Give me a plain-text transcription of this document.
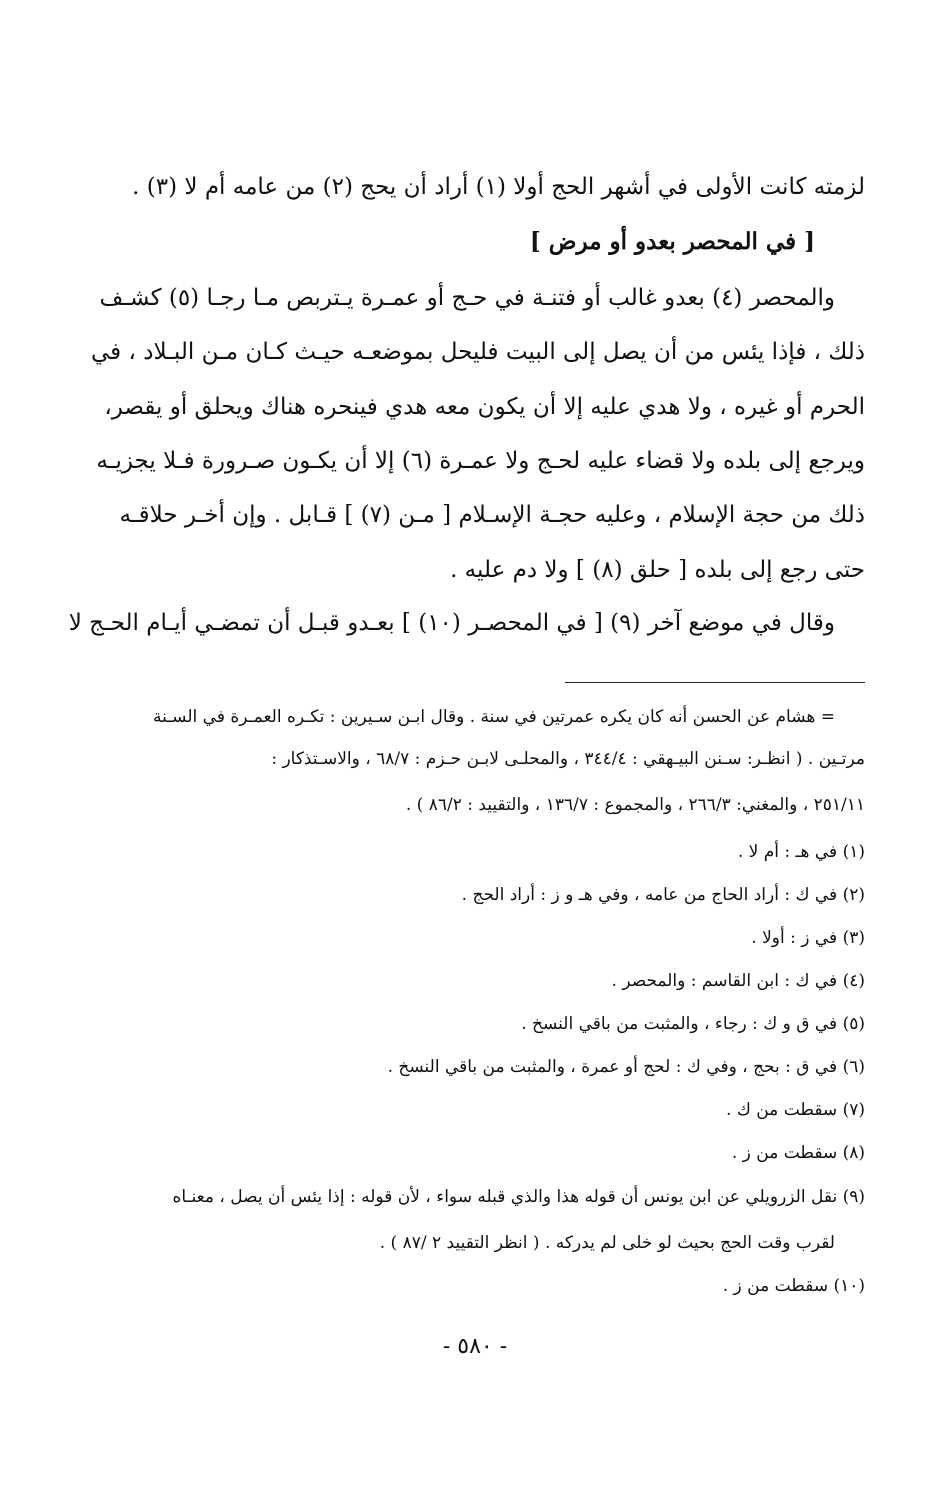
لزمته كانت الأولى في أشهر الحج أولا (١) أراد أن يحج (٢) من عامه أم لا (٣) .
[ في المحصر بعدو أو مرض ]
والمحصر (٤) بعدو غالب أو فتنـة في حـج أو عمـرة يـتربص مـا رجـا (٥) كشـف
ذلك ، فإذا يئس من أن يصل إلى البيت فليحل بموضعـه حيـث كـان مـن البـلاد ، في
الحرم أو غيره ، ولا هدي عليه إلا أن يكون معه هدي فينحره هناك ويحلق أو يقصر،
ويرجع إلى بلده ولا قضاء عليه لحـج ولا عمـرة (٦) إلا أن يكـون صـرورة فـلا يجزيـه
ذلك من حجة الإسلام ، وعليه حجـة الإسـلام [ مـن (٧) ] قـابل . وإن أخـر حلاقـه
حتى رجع إلى بلده [ حلق (٨) ] ولا دم عليه .
وقال في موضع آخر (٩) [ في المحصـر (١٠) ] بعـدو قبـل أن تمضـي أيـام الحـج لا
= هشام عن الحسن أنه كان يكره عمرتين في سنة . وقال ابـن سـيرين : تكـره العمـرة في السـنة
مرتـين . ( انظـر: سـنن البيـهقي : ٣٤٤/٤ ، والمحلـى لابـن حـزم : ٦٨/٧ ، والاسـتذكار :
٢٥١/١١ ، والمغني: ٢٦٦/٣ ، والمجموع : ١٣٦/٧ ، والتقييد : ٨٦/٢ ) .
(١) في هـ : أم لا .
(٢) في ك : أراد الحاج من عامه ، وفي هـ و ز : أراد الحج .
(٣) في ز : أولا .
(٤) في ك : ابن القاسم : والمحصر .
(٥) في ق و ك : رجاء ، والمثبت من باقي النسخ .
(٦) في ق : بحج ، وفي ك : لحج أو عمرة ، والمثبت من باقي النسخ .
(٧) سقطت من ك .
(٨) سقطت من ز .
(٩) نقل الزرويلي عن ابن يونس أن قوله هذا والذي قبله سواء ، لأن قوله : إذا يئس أن يصل ، معنـاه
لقرب وقت الحج بحيث لو خلى لم يدركه . ( انظر التقييد ٢ /٨٧ ) .
(١٠) سقطت من ز .
- ٥٨٠ -
